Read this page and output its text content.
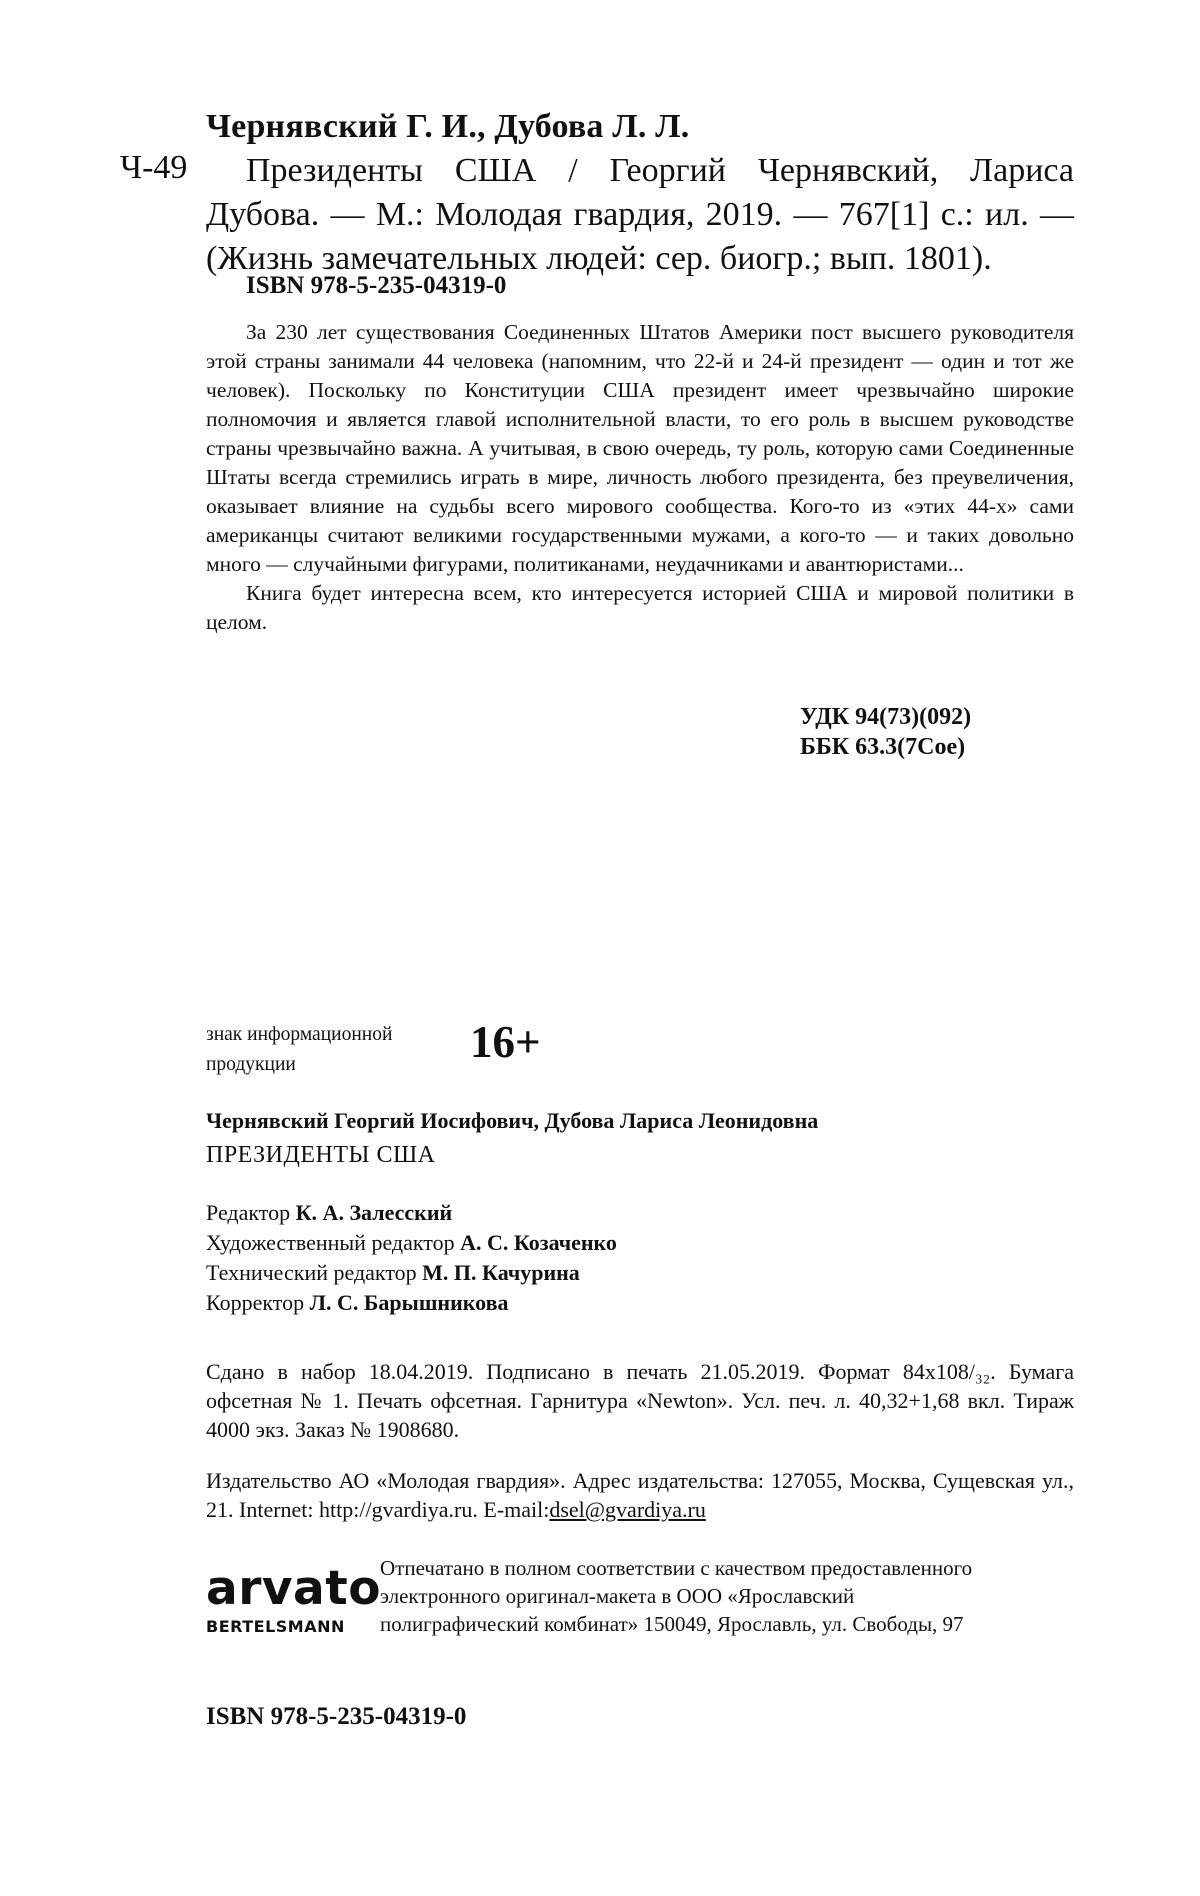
Чернявский Г. И., Дубова Л. Л.
Ч-49	Президенты США / Георгий Чернявский, Лариса Дубова. — М.: Молодая гвардия, 2019. — 767[1] с.: ил. — (Жизнь замечательных людей: сер. биогр.; вып. 1801).
ISBN 978-5-235-04319-0

За 230 лет существования Соединенных Штатов Америки пост высшего руководителя этой страны занимали 44 человека (напомним, что 22-й и 24-й президент — один и тот же человек). Поскольку по Конституции США президент имеет чрезвычайно широкие полномочия и является главой исполнительной власти, то его роль в высшем руководстве страны чрезвычайно важна. А учитывая, в свою очередь, ту роль, которую сами Соединенные Штаты всегда стремились играть в мире, личность любого президента, без преувеличения, оказывает влияние на судьбы всего мирового сообщества. Кого-то из «этих 44-х» сами американцы считают великими государственными мужами, а кого-то — и таких довольно много — случайными фигурами, политиканами, неудачниками и авантюристами...

Книга будет интересна всем, кто интересуется историей США и мировой политики в целом.

УДК 94(73)(092)
ББК 63.3(7Сое)
знак информационной
продукции	16+
Чернявский Георгий Иосифович, Дубова Лариса Леонидовна
ПРЕЗИДЕНТЫ США
Редактор К. А. Залесский
Художественный редактор А. С. Козаченко
Технический редактор М. П. Качурина
Корректор Л. С. Барышникова
Сдано в набор 18.04.2019. Подписано в печать 21.05.2019. Формат 84х108/₃₂. Бумага офсетная № 1. Печать офсетная. Гарнитура «Newton». Усл. печ. л. 40,32+1,68 вкл. Тираж 4000 экз. Заказ № 1908680.
Издательство АО «Молодая гвардия». Адрес издательства: 127055, Москва, Сущевская ул., 21. Internet: http://gvardiya.ru. E-mail:dsel@gvardiya.ru
arvato
BERTELSMANN
Отпечатано в полном соответствии с качеством предоставленного электронного оригинал-макета в ООО «Ярославский полиграфический комбинат» 150049, Ярославль, ул. Свободы, 97
ISBN 978-5-235-04319-0
